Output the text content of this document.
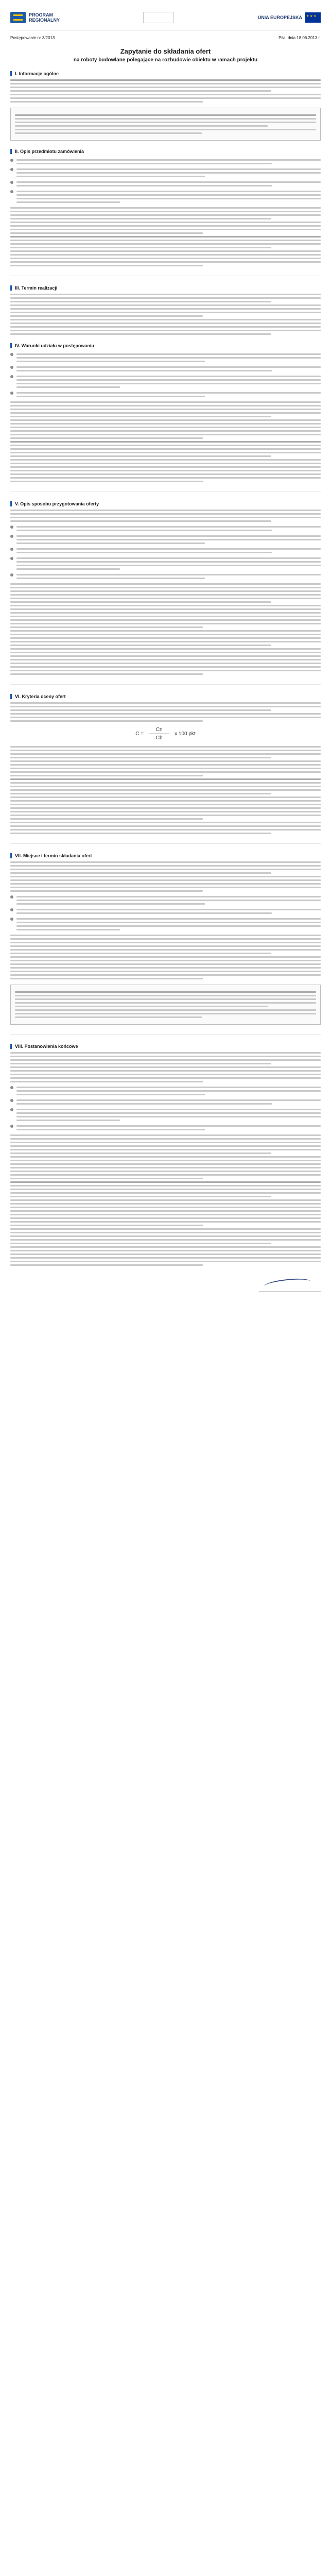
PROGRAM
REGIONALNY	UNIA EUROPEJSKA
★ ★ ★
Postępowanie nr 3/2013	Piła, dnia 18.06.2013 r.
Zapytanie do składania ofert
na roboty budowlane polegające na rozbudowie obiektu w ramach projektu
I. Informacje ogólne
II. Opis przedmiotu zamówienia
III. Termin realizacji
IV. Warunki udziału w postępowaniu
V. Opis sposobu przygotowania oferty
VI. Kryteria oceny ofert
$C = \frac{Cn}{Cb}$ x 100 pkt
VII. Miejsce i termin składania ofert
VIII. Postanowienia końcowe
